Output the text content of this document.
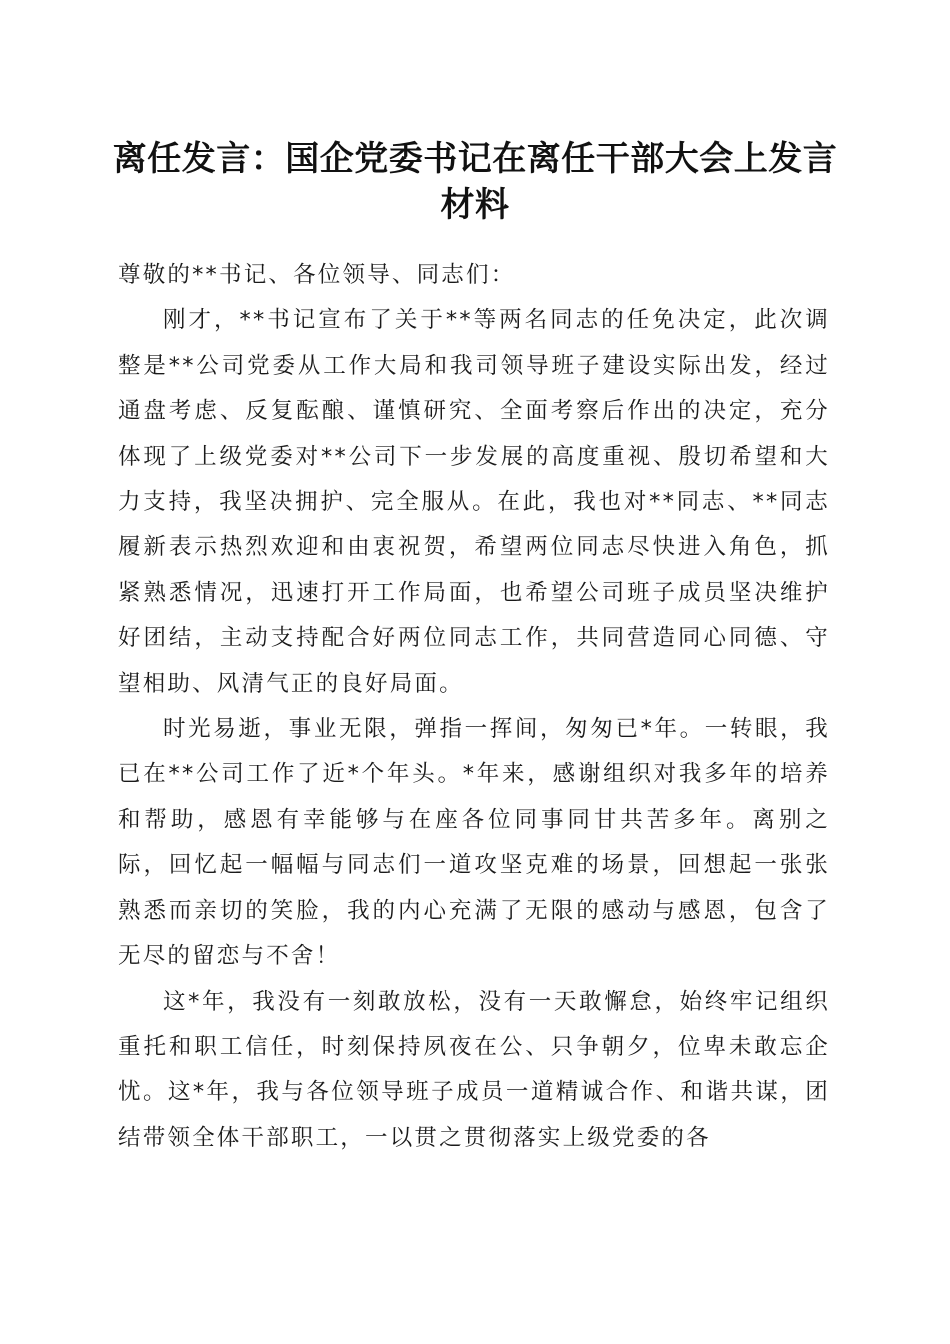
离任发言：国企党委书记在离任干部大会上发言材料

尊敬的**书记、各位领导、同志们：

刚才，**书记宣布了关于**等两名同志的任免决定，此次调整是**公司党委从工作大局和我司领导班子建设实际出发，经过通盘考虑、反复酝酿、谨慎研究、全面考察后作出的决定，充分体现了上级党委对**公司下一步发展的高度重视、殷切希望和大力支持，我坚决拥护、完全服从。在此，我也对**同志、**同志履新表示热烈欢迎和由衷祝贺，希望两位同志尽快进入角色，抓紧熟悉情况，迅速打开工作局面，也希望公司班子成员坚决维护好团结，主动支持配合好两位同志工作，共同营造同心同德、守望相助、风清气正的良好局面。

时光易逝，事业无限，弹指一挥间，匆匆已*年。一转眼，我已在**公司工作了近*个年头。*年来，感谢组织对我多年的培养和帮助，感恩有幸能够与在座各位同事同甘共苦多年。离别之际，回忆起一幅幅与同志们一道攻坚克难的场景，回想起一张张熟悉而亲切的笑脸，我的内心充满了无限的感动与感恩，包含了无尽的留恋与不舍！

这*年，我没有一刻敢放松，没有一天敢懈怠，始终牢记组织重托和职工信任，时刻保持夙夜在公、只争朝夕，位卑未敢忘企忧。这*年，我与各位领导班子成员一道精诚合作、和谐共谋，团结带领全体干部职工，一以贯之贯彻落实上级党委的各
